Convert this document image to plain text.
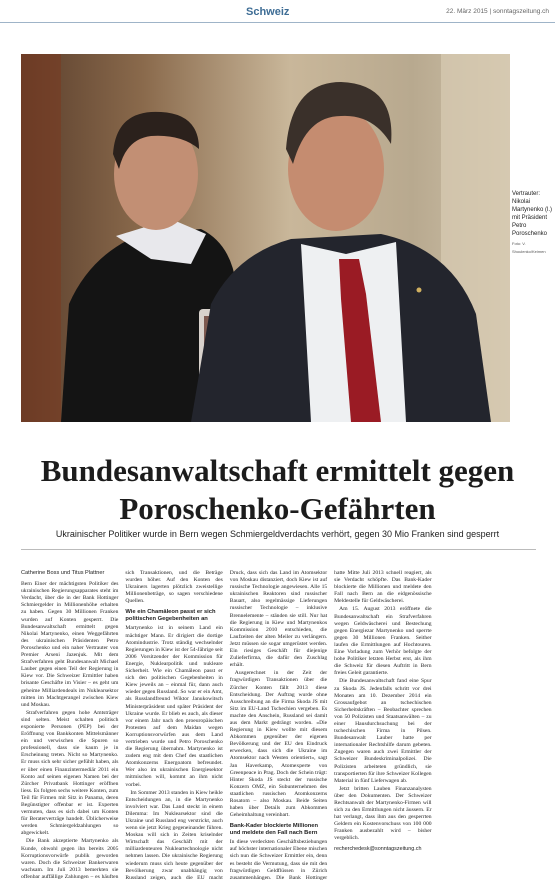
Schweiz	22. März 2015 | sonntagszeitung.ch
Vertrauter: Nikolai Martynenko (l.) mit Präsident Petro Poroschenko
Foto: V. Shoulenko/Keimen
Bundesanwaltschaft ermittelt gegen
Poroschenko-Gefährten
Ukrainischer Politiker wurde in Bern wegen Schmiergeldverdachts verhört, gegen 30 Mio Franken sind gesperrt
Catherine Boss und Titus Plattner

Bern Einer der mächtigsten Politiker des ukrainischen Regierungsapparates steht im Verdacht, über die in der Bank Hottinger Schmiergelder in Millionenhöhe erhalten zu haben. Gegen 30 Millionen Franken wurden auf Konten gesperrt. Die Bundesanwaltschaft ermittelt gegen Nikolai Martynenko, einen Weggefährten des ukrainischen Präsidenten Petro Poroschenko und ein naher Vertrauter von Premier Arseni Jazenjuk. Mit dem Strafverfahren geht Bundesanwalt Michael Lauber gegen einen Teil der Regierung in Kiew vor. Die Schweizer Ermittler haben brisante Geschäfte im Visier – es geht um geheime Milliardendeals im Nuklearsektor mitten im Machtgerangel zwischen Kiew und Moskau.

Strafverfahren gegen hohe Amtsträger sind selten. Meist schalten politisch exponierte Personen (PEP) bei der Eröffnung von Bankkonten Mittelsmänner ein und verwischen die Spuren so professionell, dass sie kaum je in Erscheinung treten. Nicht so Martynenko. Er muss sich sehr sicher gefühlt haben, als er über einen Finanzintermediär 2011 ein Konto auf seinen eigenen Namen bei der Zürcher Privatbank Hottinger eröffnen liess. Es folgten sechs weitere Konten, zum Teil für Firmen mit Sitz in Panama, deren Begünstigter offenbar er ist. Experten vermuten, dass es sich dabei um Konten für Beraterverträge handelt. Üblicherweise werden Schmiergeldzahlungen so abgewickelt.

Die Bank akzeptierte Martynenko als Kunde, obwohl gegen ihn bereits 2005 Korruptionsvorwürfe publik geworden waren. Doch die Schweizer Bankerwaren wachsam. Im Juli 2013 bemerkten sie offenbar auffällige Zahlungen – es häuften sich Transaktionen, und die Beträge wurden höher. Auf den Konten des Ukrainers lagerten plötzlich zweistellige Millionenbeträge, so sagen verschiedene Quellen.

Wie ein Chamäleon passt er sich politischen Gegebenheiten an

Martynenko ist in seinem Land ein mächtiger Mann. Er dirigiert die dortige Atomindustrie. Trotz ständig wechselnder Regierungen in Kiew ist der 54-Jährige seit 2006 Vorsitzender der Kommission für Energie, Nuklearpolitik und nukleare Sicherheit. Wie ein Chamäleon passt er sich den politischen Gegebenheiten in Kiew jeweils an – einmal für, dann auch wieder gegen Russland. So war er ein Amt, als Russlandfreund Wiktor Janukowitsch Ministerpräsident und später Präsident der Ukraine wurde. Er blieb es auch, als dieser vor einem Jahr nach den proeuropäischen Protesten auf dem Maidan wegen Korruptionsvorwürfen aus dem Land vertrieben wurde und Petro Poroschenko die Regierung übernahm. Martynenko ist zudem eng mit dem Chef des staatlichen Atomkonzerns Energoatom befreundet. Wer also im ukrainischen Energiesektor mitmischen will, kommt an ihm nicht vorbei.

Im Sommer 2013 standen in Kiew heikle Entscheidungen an, in die Martynenko involviert war. Das Land steckt in einem Dilemma: Im Nuklearsektor sind die Ukraine und Russland eng verstrickt, auch wenn sie jetzt Krieg gegeneinander führen. Moskau will sich in Zeiten kriselnder Wirtschaft das Geschäft mit der milliardenteuren Nukleartechnologie nicht nehmen lassen. Die ukrainische Regierung wiederum muss sich heute gegenüber der Bevölkerung zwar unabhängig von Russland zeigen, auch die EU macht Druck, dass sich das Land im Atomsektor von Moskau distanziert, doch Kiew ist auf russische Technologie angewiesen. Alle 15 ukrainischen Reaktoren sind russischer Bauart, also regelmässige Lieferungen russischer Technologie – inklusive Brennelemente – ständen sie still. Nur hat die Regierung in Kiew und Martynenkos Kommission 2010 entschieden, die Laufzeiten der alten Meiler zu verlängern. Jetzt müssen sie sogar umgerüstet werden. Ein riesiges Geschäft für diejenige Zulieferfirma, die dafür den Zuschlag erhält.

Ausgerechnet in der Zeit der fragwürdigen Transaktionen über die Zürcher Konten fällt 2013 diese Entscheidung. Der Auftrag wurde ohne Ausschreibung an die Firma Skoda JS mit Sitz im EU-Land Tschechien vergeben. Es machte den Anschein, Russland sei damit aus dem Markt gedrängt worden. «Die Regierung in Kiew wollte mit diesem Abkommen gegenüber der eigenen Bevölkerung und der EU den Eindruck erwecken, dass sich die Ukraine im Atomsektor nach Westen orientiert», sagt Jan Haverkamp, Atomexperte von Greenpeace in Prag. Doch der Schein trügt: Hinter Skoda JS steckt der russische Konzern OMZ, ein Subunternehmen des staatlichen russischen Atomkonzerns Rosatom – also Moskau. Beide Seiten haben über Details zum Abkommen Geheimhaltung vereinbart.

Bank-Kader blockierte Millionen und meldete den Fall nach Bern

In diese verdeckten Geschäftsbeziehungen auf höchster internationaler Ebene mischen sich nun die Schweizer Ermittler ein, denn es besteht die Vermutung, dass sie mit den fragwürdigen Geldflüssen in Zürich zusammenhängen. Die Bank Hottinger hatte Mitte Juli 2013 schnell reagiert, als sie Verdacht schöpfte. Das Bank-Kader blockierte die Millionen und meldete den Fall nach Bern an die eidgenössische Meldestelle für Geldwäscherei.

Am 15. August 2013 eröffnete die Bundesanwaltschaft ein Strafverfahren wegen Geldwäscherei und Bestechung gegen Energiezar Martynenko und sperrte gegen 30 Millionen Franken. Seither laufen die Ermittlungen auf Hochtouren. Eine Vorladung zum Verhör befolgte der hohe Politiker letzten Herbst erst, als ihm die Schweiz für diesen Auftritt in Bern freies Geleit garantierte.

Die Bundesanwaltschaft fand eine Spur zu Skoda JS. Jedenfalls schritt vor drei Monaten am 10. Dezember 2014 ein Grossaufgebot an tschechischen Sicherheitskräften – Beobachter sprechen von 50 Polizisten und Staatsanwälten – zu einer Hausdurchsuchung bei der tschechischen Firma in Pilsen. Bundesanwalt Lauber hatte per internationaler Rechtshilfe darum gebeten. Zugegen waren auch zwei Ermittler der Schweizer Bundeskriminalpolizei. Die Polizisten arbeiteten gründlich, sie transportierten für ihre Schweizer Kollegen Material in fünf Lieferwagen ab.

Jetzt britten Lauben Finanzanalysten über den Dokumenten. Der Schweizer Rechtsanwalt der Martynenko-Firmen will sich zu den Ermittlungen nicht äussern. Er hat verlangt, dass ihm aus den gesperrten Geldern ein Kostenvorschuss von 100 000 Franken ausbezahlt wird – bisher vergeblich.

recherchedesk@sonntagszeitung.ch
